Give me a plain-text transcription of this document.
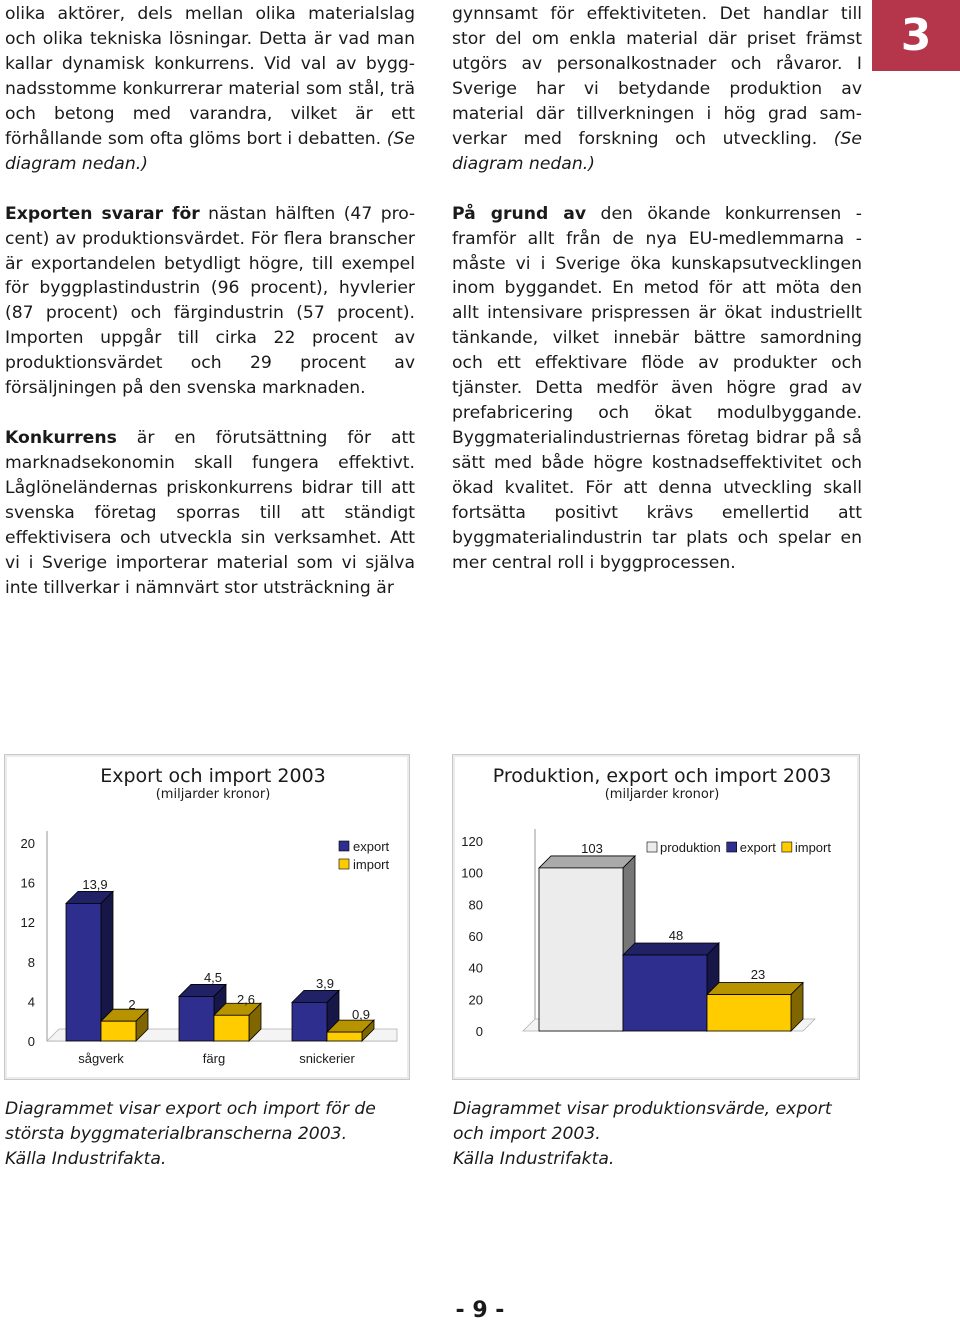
olika aktörer, dels mellan olika materialslag och olika tekniska lösningar. Detta är vad man kallar dynamisk konkurrens. Vid val av byggnadsstomme konkurrerar material som stål, trä och betong med varandra, vilket är ett förhållande som ofta glöms bort i debatten. (Se diagram nedan.)

Exporten svarar för nästan hälften (47 procent) av produktionsvärdet. För flera branscher är exportandelen betydligt högre, till exempel för byggplastindustrin (96 procent), hyvlerier (87 procent) och färgindustrin (57 procent). Importen uppgår till cirka 22 procent av produktionsvärdet och 29 procent av försäljningen på den svenska marknaden.

Konkurrens är en förutsättning för att marknadsekonomin skall fungera effektivt. Låglöneländernas priskonkurrens bidrar till att svenska företag sporras till att ständigt effektivisera och utveckla sin verksamhet. Att vi i Sverige importerar material som vi själva inte tillverkar i nämnvärt stor utsträckning är

gynnsamt för effektiviteten. Det handlar till stor del om enkla material där priset främst utgörs av personalkostnader och råvaror. I Sverige har vi betydande produktion av material där tillverkningen i hög grad samverkar med forskning och utveckling. (Se diagram nedan.)

På grund av den ökande konkurrensen - framför allt från de nya EU-medlemmarna - måste vi i Sverige öka kunskapsutvecklingen inom byggandet. En metod för att möta den allt intensivare prispressen är ökat industriellt tänkande, vilket innebär bättre samordning och ett effektivare flöde av produkter och tjänster. Detta medför även högre grad av prefabricering och ökat modulbyggande. Byggmaterialindustriernas företag bidrar på så sätt med både högre kostnadseffektivitet och ökad kvalitet. För att denna utveckling skall fortsätta positivt krävs emellertid att byggmaterialindustrin tar plats och spelar en mer central roll i byggprocessen.

3
Export och import 2003
(miljarder kronor)
0
4
8
12
16
20
sågverk	färg	snickerier
13,9
2
4,5
2,6
3,9
0,9
export
import
Produktion, export och import 2003
(miljarder kronor)
0
20
40
60
80
100
120	103
48
23
produktion export import
Diagrammet visar export och import för de
största byggmaterialbranscherna 2003.
Källa Industrifakta.
Diagrammet visar produktionsvärde, export
och import 2003.
Källa Industrifakta.
- 9 -
